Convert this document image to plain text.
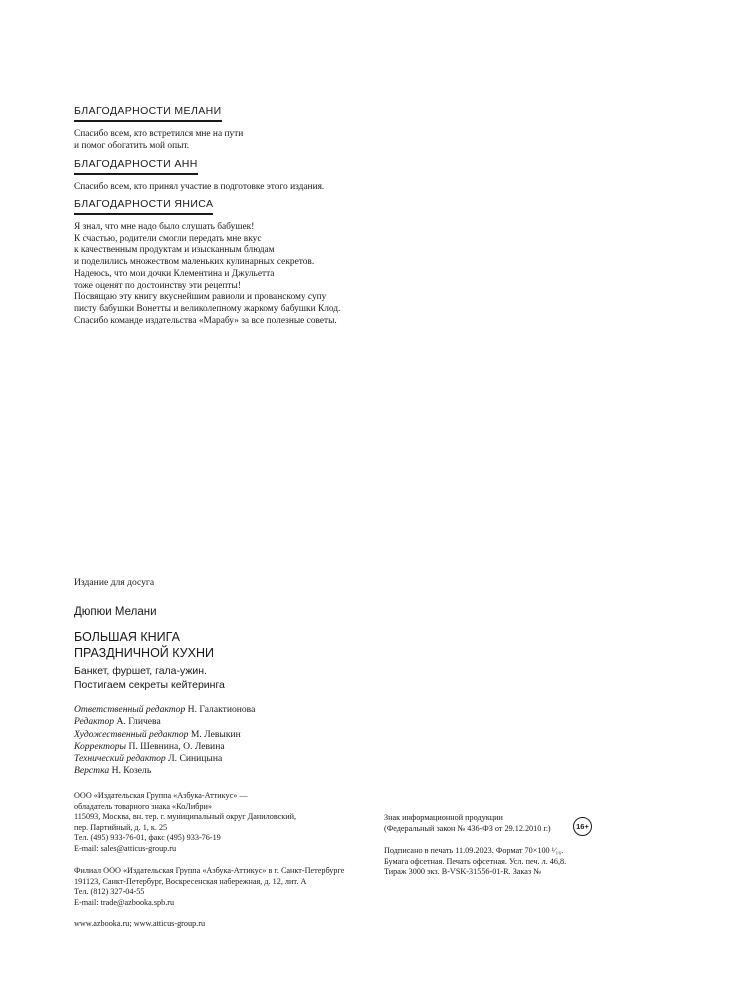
БЛАГОДАРНОСТИ МЕЛАНИ
Спасибо всем, кто встретился мне на пути
и помог обогатить мой опыт.
БЛАГОДАРНОСТИ АНН
Спасибо всем, кто принял участие в подготовке этого издания.
БЛАГОДАРНОСТИ ЯНИСА
Я знал, что мне надо было слушать бабушек!
К счастью, родители смогли передать мне вкус
к качественным продуктам и изысканным блюдам
и поделились множеством маленьких кулинарных секретов.
Надеюсь, что мои дочки Клементина и Джульетта
тоже оценят по достоинству эти рецепты!
Посвящаю эту книгу вкуснейшим равиоли и прованскому супу
писту бабушки Вонетты и великолепному жаркому бабушки Клод.
Спасибо команде издательства «Марабу» за все полезные советы.
Издание для досуга
Дюпюи Мелани
БОЛЬШАЯ КНИГА
ПРАЗДНИЧНОЙ КУХНИ
Банкет, фуршет, гала-ужин.
Постигаем секреты кейтеринга
Ответственный редактор Н. Галактионова
Редактор А. Гличева
Художественный редактор М. Левыкин
Корректоры П. Шевнина, О. Левина
Технический редактор Л. Синицына
Верстка Н. Козель
ООО «Издательская Группа «Азбука-Аттикус» —
обладатель товарного знака «КоЛибри»
115093, Москва, вн. тер. г. муниципальный округ Даниловский,
пер. Партийный, д. 1, к. 25
Тел. (495) 933-76-01, факс (495) 933-76-19
E-mail: sales@atticus-group.ru
Филиал ООО «Издательская Группа «Азбука-Аттикус» в г. Санкт-Петербурге
191123, Санкт-Петербург, Воскресенская набережная, д. 12, лит. А
Тел. (812) 327-04-55
E-mail: trade@azbooka.spb.ru
www.azbooka.ru; www.atticus-group.ru
Знак информационной продукции
(Федеральный закон № 436-ФЗ от 29.12.2010 г.)	16+
Подписано в печать 11.09.2023. Формат 70×100 ¹⁄₁₆.
Бумага офсетная. Печать офсетная. Усл. печ. л. 46,8.
Тираж 3000 экз. B-VSK-31556-01-R. Заказ №
